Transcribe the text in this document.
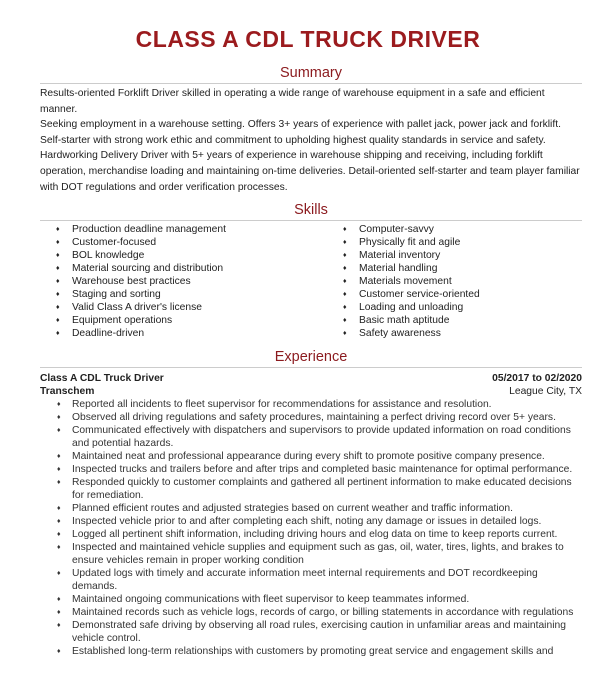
CLASS A CDL TRUCK DRIVER
Summary

Results-oriented Forklift Driver skilled in operating a wide range of warehouse equipment in a safe and efficient manner.

Seeking employment in a warehouse setting. Offers 3+ years of experience with pallet jack, power jack and forklift. Self-starter with strong work ethic and commitment to upholding highest quality standards in service and safety.

Hardworking Delivery Driver with 5+ years of experience in warehouse shipping and receiving, including forklift operation, merchandise loading and maintaining on-time deliveries. Detail-oriented self-starter and team player familiar with DOT regulations and order verification processes.

Skills
♦ Production deadline management
♦ Customer-focused
♦ BOL knowledge
♦ Material sourcing and distribution
♦ Warehouse best practices
♦ Staging and sorting
♦ Valid Class A driver's license
♦ Equipment operations
♦ Deadline-driven
♦ Computer-savvy
♦ Physically fit and agile
♦ Material inventory
♦ Material handling
♦ Materials movement
♦ Customer service-oriented
♦ Loading and unloading
♦ Basic math aptitude
♦ Safety awareness
Experience
Class A CDL Truck Driver	05/2017 to 02/2020
Transchem	League City, TX
♦ Reported all incidents to fleet supervisor for recommendations for assistance and resolution.
♦ Observed all driving regulations and safety procedures, maintaining a perfect driving record over 5+ years.
♦ Communicated effectively with dispatchers and supervisors to provide updated information on road conditions and potential hazards.
♦ Maintained neat and professional appearance during every shift to promote positive company presence.
♦ Inspected trucks and trailers before and after trips and completed basic maintenance for optimal performance.
♦ Responded quickly to customer complaints and gathered all pertinent information to make educated decisions for remediation.
♦ Planned efficient routes and adjusted strategies based on current weather and traffic information.
♦ Inspected vehicle prior to and after completing each shift, noting any damage or issues in detailed logs.
♦ Logged all pertinent shift information, including driving hours and elog data on time to keep reports current.
♦ Inspected and maintained vehicle supplies and equipment such as gas, oil, water, tires, lights, and brakes to ensure vehicles remain in proper working condition
♦ Updated logs with timely and accurate information meet internal requirements and DOT recordkeeping demands.
♦ Maintained ongoing communications with fleet supervisor to keep teammates informed.
♦ Maintained records such as vehicle logs, records of cargo, or billing statements in accordance with regulations
♦ Demonstrated safe driving by observing all road rules, exercising caution in unfamiliar areas and maintaining vehicle control.
♦ Established long-term relationships with customers by promoting great service and engagement skills and
